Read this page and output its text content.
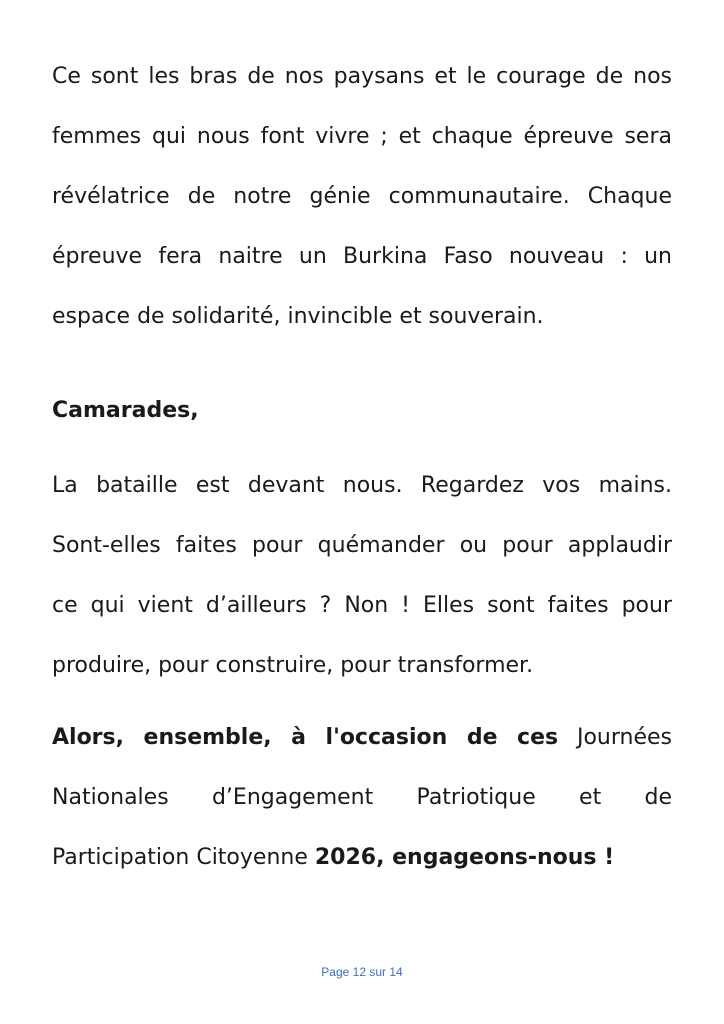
Ce sont les bras de nos paysans et le courage de nos
femmes qui nous font vivre ; et chaque épreuve sera
révélatrice de notre génie communautaire. Chaque
épreuve fera naitre un Burkina Faso nouveau : un
espace de solidarité, invincible et souverain.
Camarades,
La bataille est devant nous. Regardez vos mains.
Sont-elles faites pour quémander ou pour applaudir
ce qui vient d’ailleurs ? Non ! Elles sont faites pour
produire, pour construire, pour transformer.
Alors, ensemble, à l'occasion de ces Journées
Nationales d’Engagement Patriotique et de
Participation Citoyenne 2026, engageons-nous !
Page 12 sur 14
